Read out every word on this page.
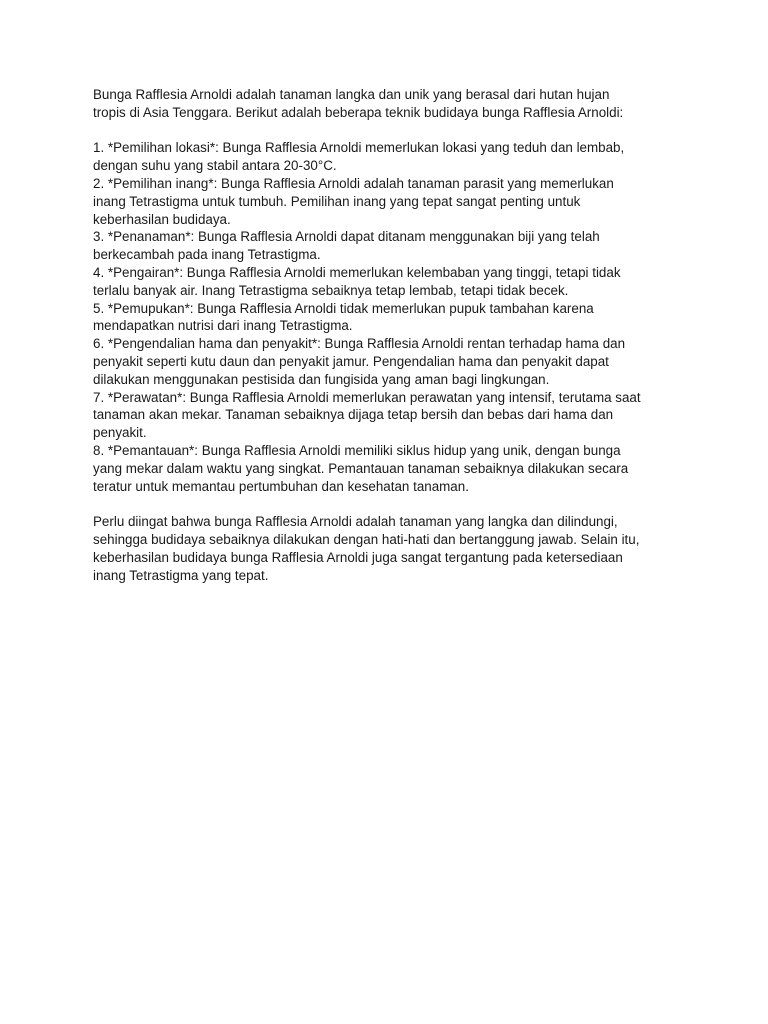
Bunga Rafflesia Arnoldi adalah tanaman langka dan unik yang berasal dari hutan hujan
tropis di Asia Tenggara. Berikut adalah beberapa teknik budidaya bunga Rafflesia Arnoldi:
1. *Pemilihan lokasi*: Bunga Rafflesia Arnoldi memerlukan lokasi yang teduh dan lembab,
dengan suhu yang stabil antara 20-30°C.
2. *Pemilihan inang*: Bunga Rafflesia Arnoldi adalah tanaman parasit yang memerlukan
inang Tetrastigma untuk tumbuh. Pemilihan inang yang tepat sangat penting untuk
keberhasilan budidaya.
3. *Penanaman*: Bunga Rafflesia Arnoldi dapat ditanam menggunakan biji yang telah
berkecambah pada inang Tetrastigma.
4. *Pengairan*: Bunga Rafflesia Arnoldi memerlukan kelembaban yang tinggi, tetapi tidak
terlalu banyak air. Inang Tetrastigma sebaiknya tetap lembab, tetapi tidak becek.
5. *Pemupukan*: Bunga Rafflesia Arnoldi tidak memerlukan pupuk tambahan karena
mendapatkan nutrisi dari inang Tetrastigma.
6. *Pengendalian hama dan penyakit*: Bunga Rafflesia Arnoldi rentan terhadap hama dan
penyakit seperti kutu daun dan penyakit jamur. Pengendalian hama dan penyakit dapat
dilakukan menggunakan pestisida dan fungisida yang aman bagi lingkungan.
7. *Perawatan*: Bunga Rafflesia Arnoldi memerlukan perawatan yang intensif, terutama saat
tanaman akan mekar. Tanaman sebaiknya dijaga tetap bersih dan bebas dari hama dan
penyakit.
8. *Pemantauan*: Bunga Rafflesia Arnoldi memiliki siklus hidup yang unik, dengan bunga
yang mekar dalam waktu yang singkat. Pemantauan tanaman sebaiknya dilakukan secara
teratur untuk memantau pertumbuhan dan kesehatan tanaman.
Perlu diingat bahwa bunga Rafflesia Arnoldi adalah tanaman yang langka dan dilindungi,
sehingga budidaya sebaiknya dilakukan dengan hati-hati dan bertanggung jawab. Selain itu,
keberhasilan budidaya bunga Rafflesia Arnoldi juga sangat tergantung pada ketersediaan
inang Tetrastigma yang tepat.
